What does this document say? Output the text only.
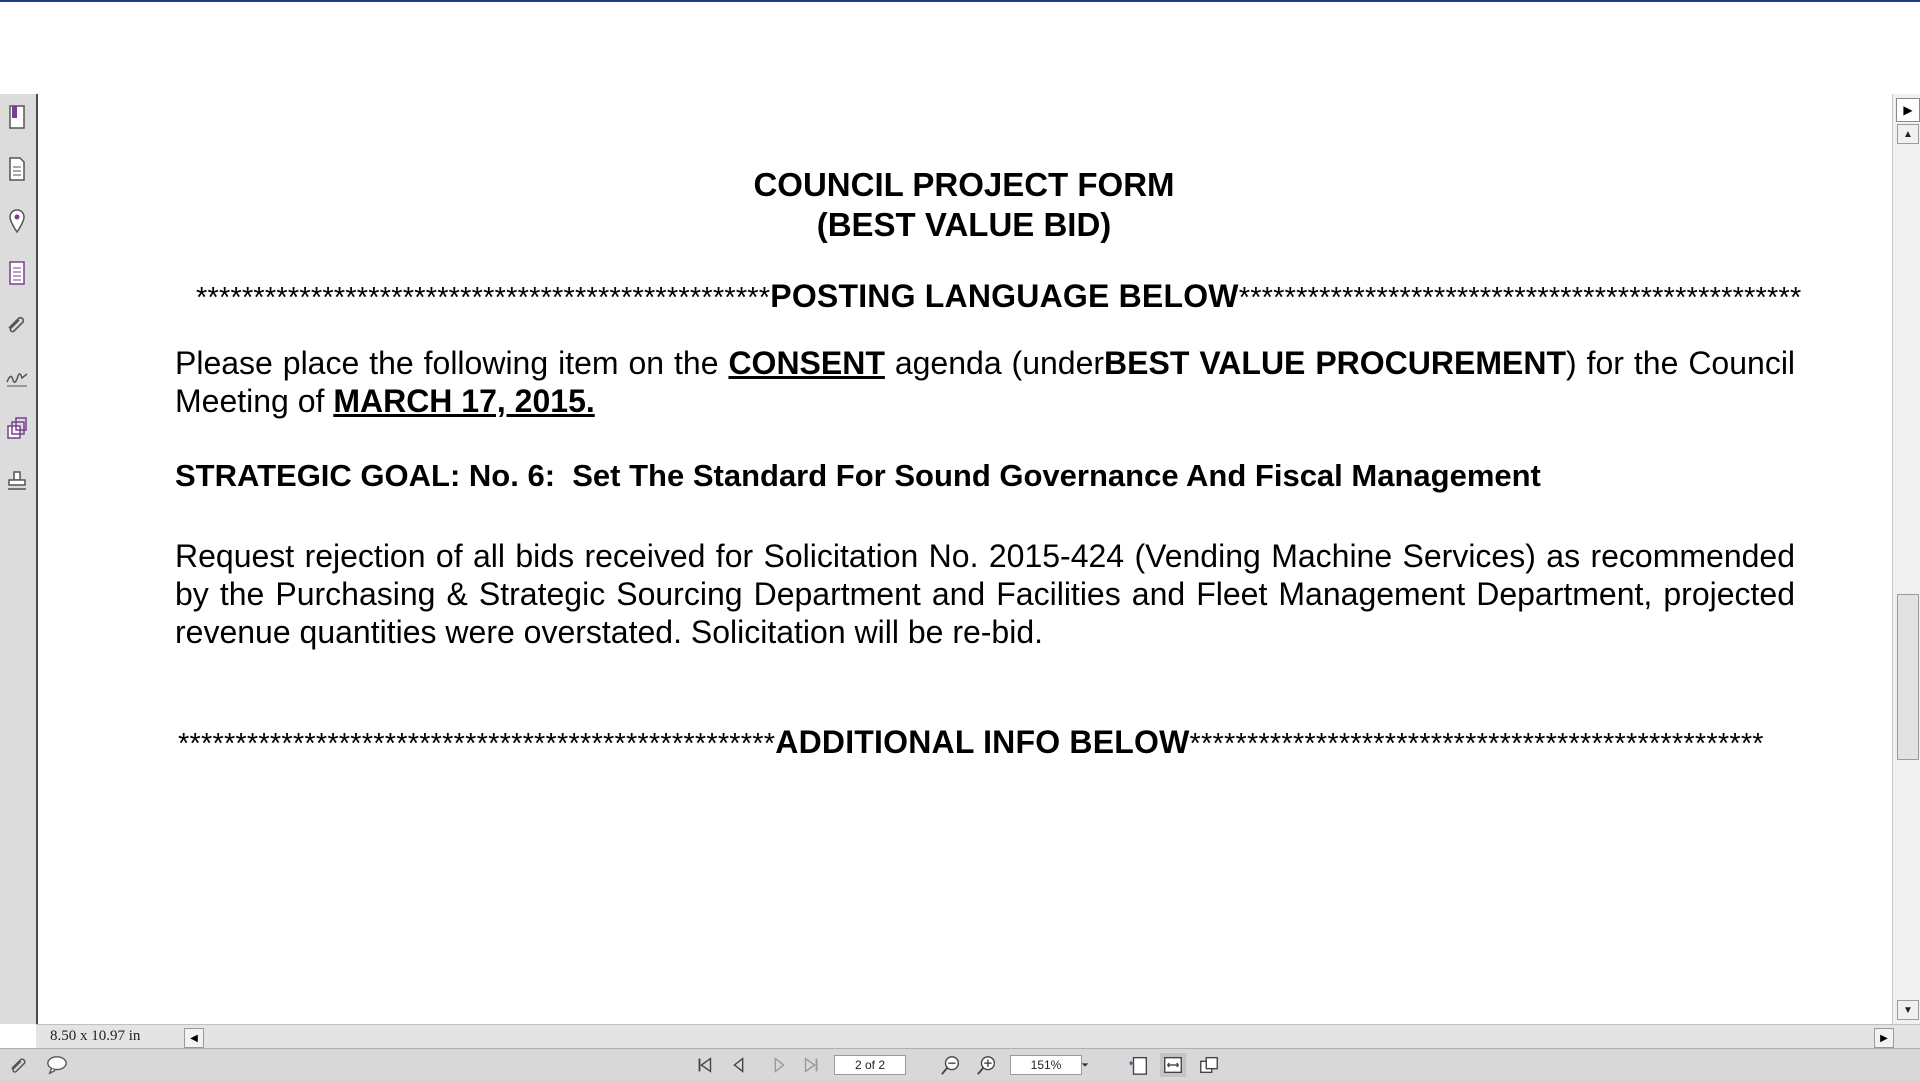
COUNCIL PROJECT FORM
(BEST VALUE BID)
**************************************************POSTING LANGUAGE BELOW*************************************************
Please place the following item on the CONSENT agenda (underBEST VALUE PROCUREMENT) for the Council Meeting of MARCH 17, 2015.
STRATEGIC GOAL: No. 6:  Set The Standard For Sound Governance And Fiscal Management
Request rejection of all bids received for Solicitation No. 2015-424 (Vending Machine Services) as recommended by the Purchasing & Strategic Sourcing Department and Facilities and Fleet Management Department, projected revenue quantities were overstated. Solicitation will be re-bid.
****************************************************ADDITIONAL INFO BELOW**************************************************
▲
▼
▶
8.50 x 10.97 in	◀	▶
2 of 2	151%
